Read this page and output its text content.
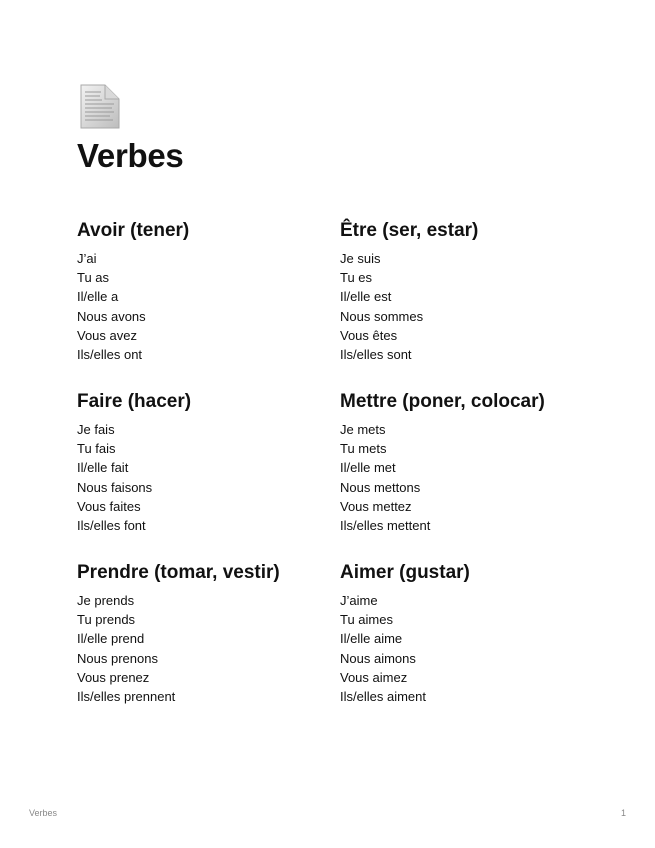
Verbes
Avoir (tener)
J’ai
Tu as
Il/elle a
Nous avons
Vous avez
Ils/elles ont
Être (ser, estar)
Je suis
Tu es
Il/elle est
Nous sommes
Vous êtes
Ils/elles sont
Faire (hacer)
Je fais
Tu fais
Il/elle fait
Nous faisons
Vous faites
Ils/elles font
Mettre (poner, colocar)
Je mets
Tu mets
Il/elle met
Nous mettons
Vous mettez
Ils/elles mettent
Prendre (tomar, vestir)
Je prends
Tu prends
Il/elle prend
Nous prenons
Vous prenez
Ils/elles prennent
Aimer (gustar)
J’aime
Tu aimes
Il/elle aime
Nous aimons
Vous aimez
Ils/elles aiment
Verbes	1
